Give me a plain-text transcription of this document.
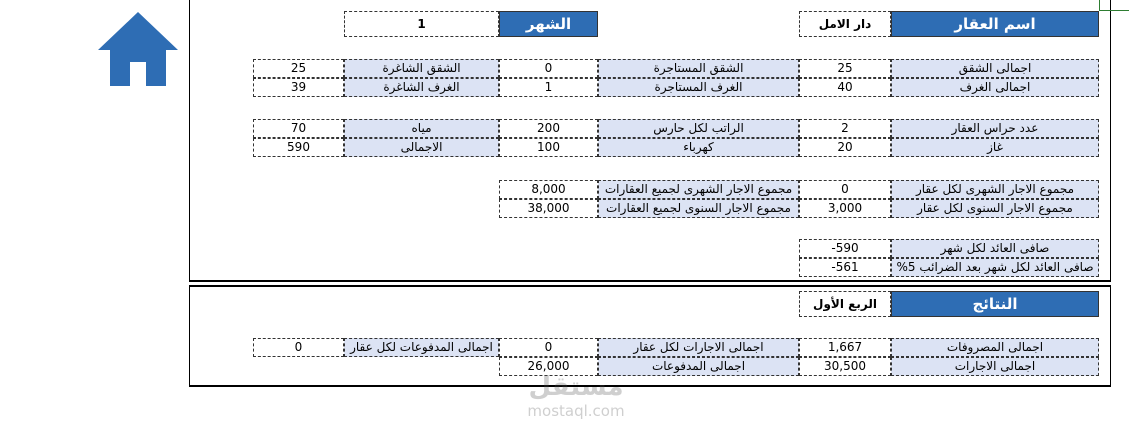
اسم العقار
دار الامل
الشهر
1
اجمالى الشقق
25
الشقق المستاجرة
0
الشقق الشاغرة
25
اجمالى الغرف
40
الغرف المستاجرة
1
الغرف الشاغرة
39
عدد حراس العقار
2
الراتب لكل حارس
200
مياه
70
غاز
20
كهرباء
100
الاجمالى
590
مجموع الاجار الشهرى لكل عقار
0
مجموع الاجار الشهرى لجميع العقارات
8,000
مجموع الاجار السنوى لكل عقار
3,000
مجموع الاجار السنوى لجميع العقارات
38,000
صافى العائد لكل شهر
-590
صافى العائد لكل شهر بعد الضرائب 5%
-561
النتائج
الربع الأول
اجمالى المصروفات
1,667
اجمالى الاجارات لكل عقار
0
اجمالى المدفوعات لكل عقار
0
اجمالى الاجارات
30,500
اجمالى المدفوعات
26,000
مستقل
mostaql.com
